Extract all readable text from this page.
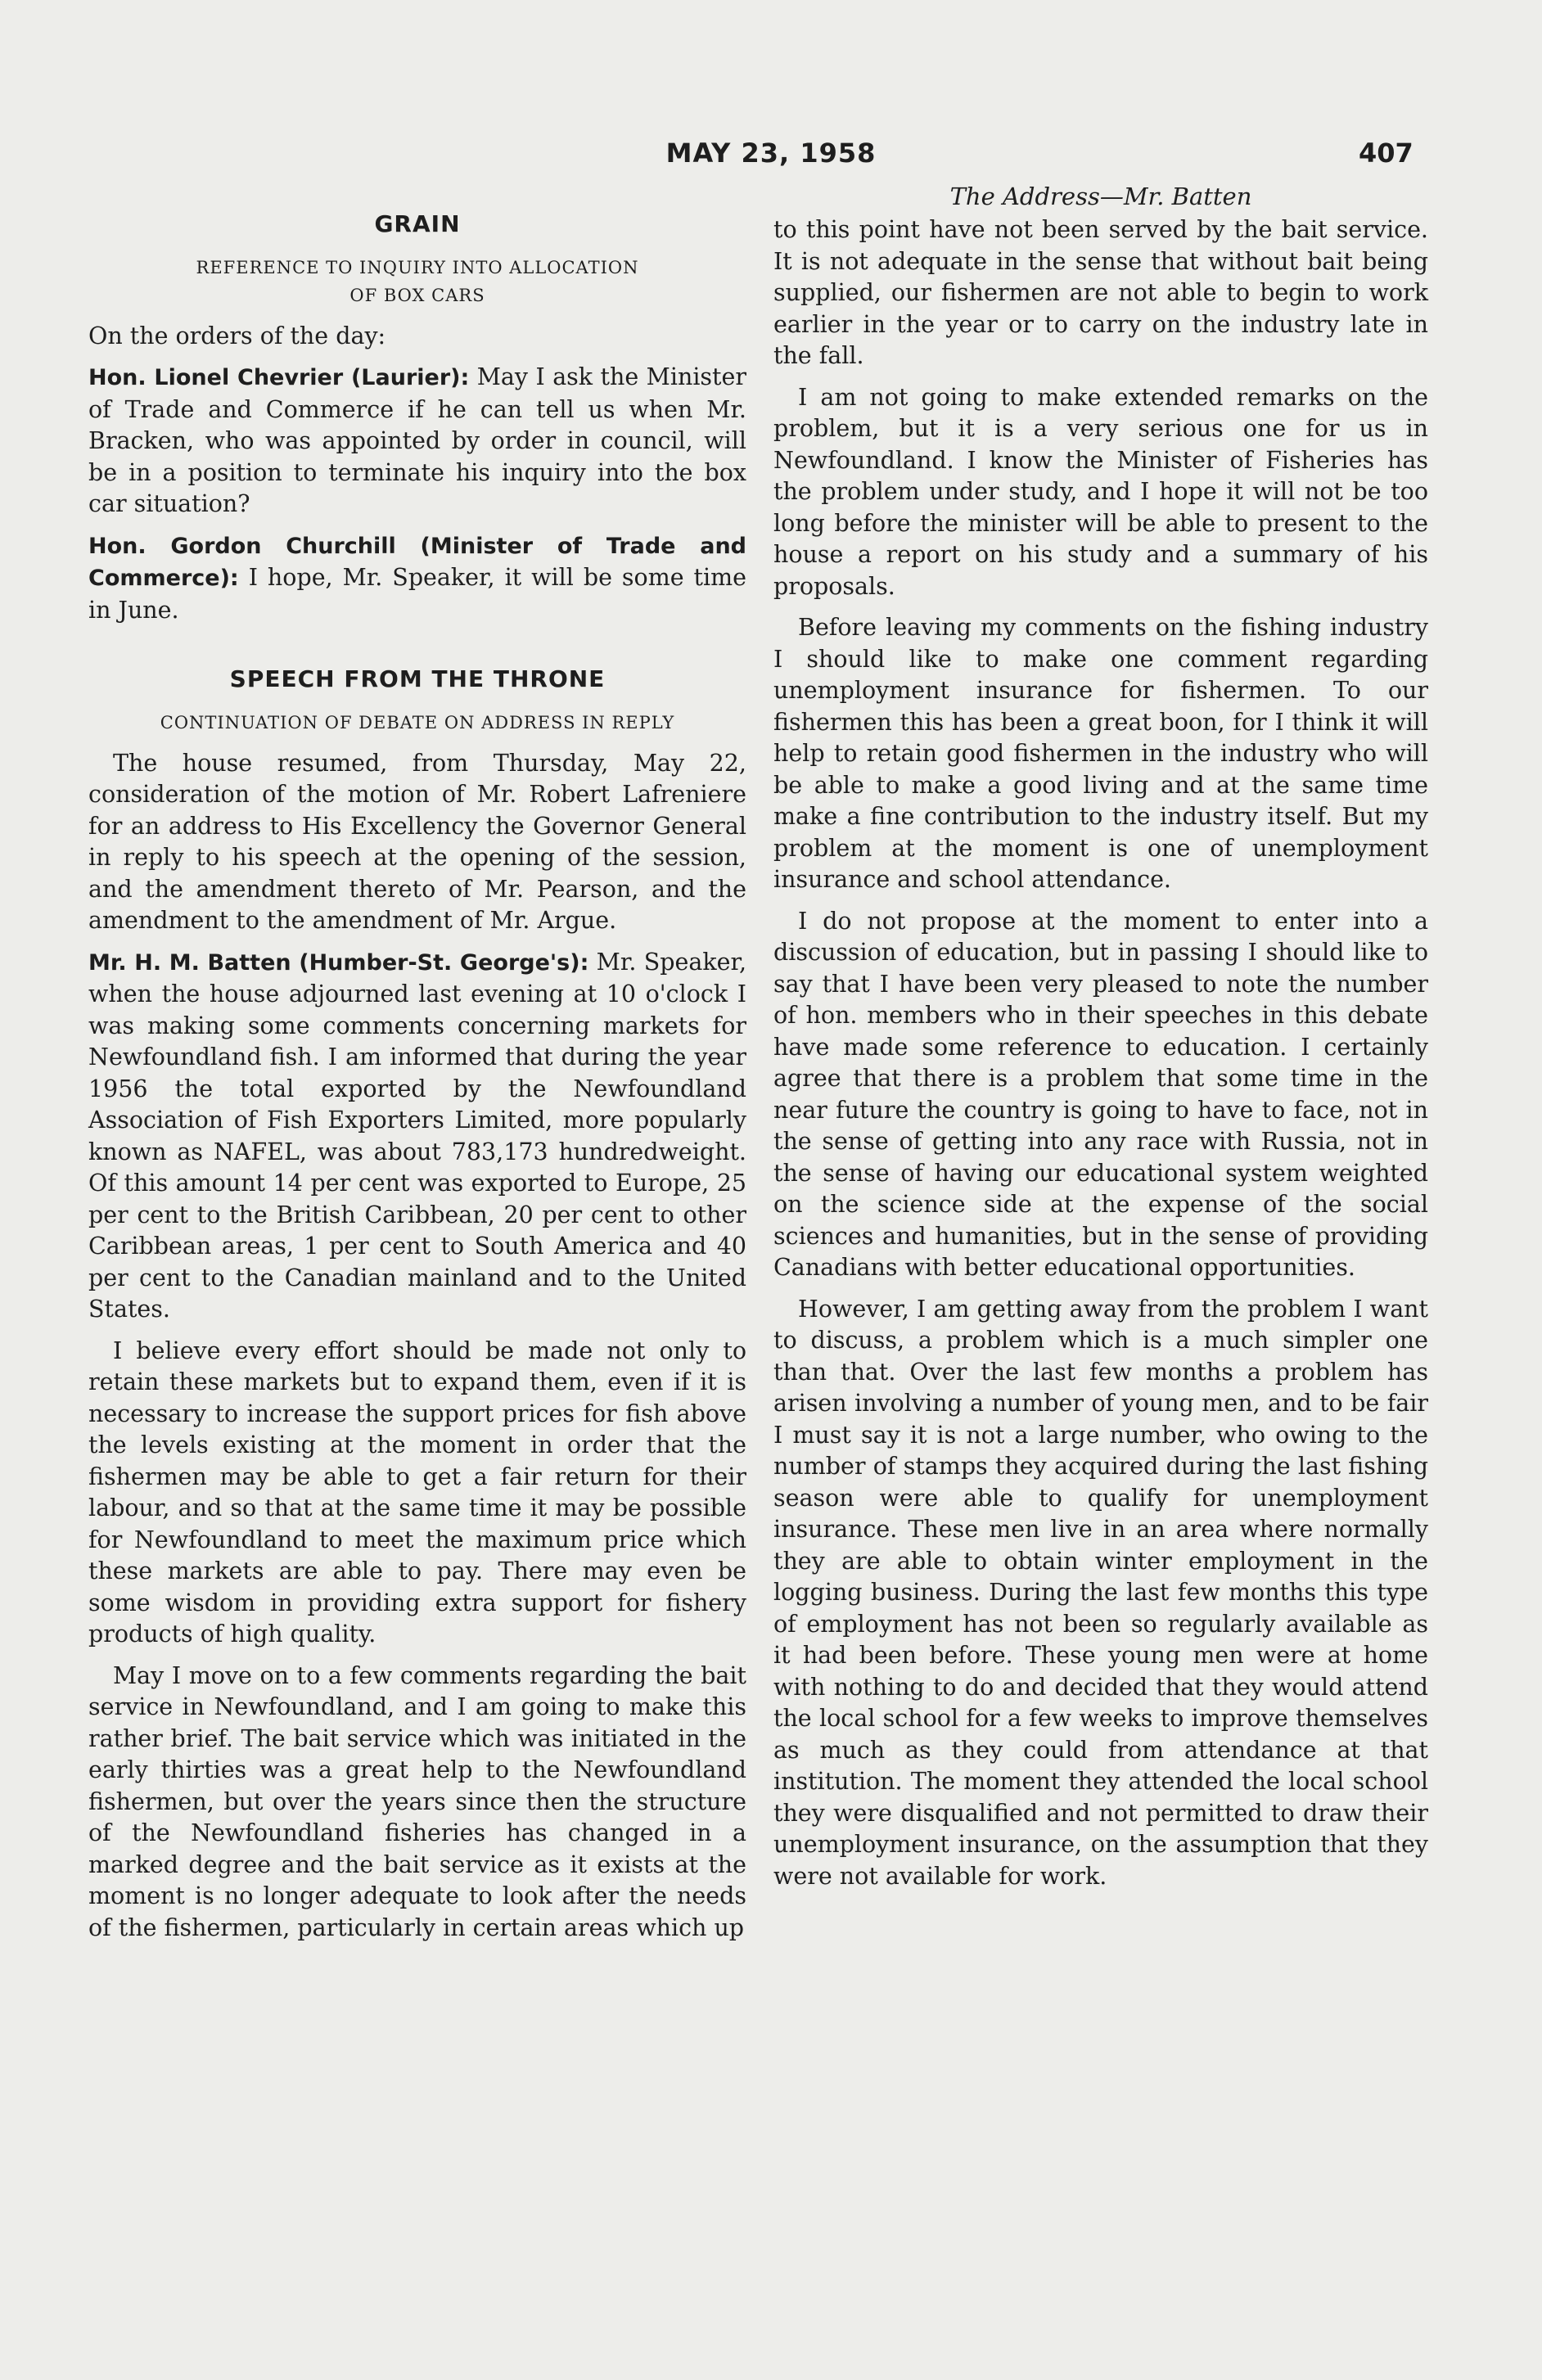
MAY 23, 1958	407
GRAIN
REFERENCE TO INQUIRY INTO ALLOCATION
OF BOX CARS

On the orders of the day:

Hon. Lionel Chevrier (Laurier): May I ask the Minister of Trade and Commerce if he can tell us when Mr. Bracken, who was appointed by order in council, will be in a position to terminate his inquiry into the box car situation?

Hon. Gordon Churchill (Minister of Trade and Commerce): I hope, Mr. Speaker, it will be some time in June.

SPEECH FROM THE THRONE
CONTINUATION OF DEBATE ON ADDRESS IN REPLY

The house resumed, from Thursday, May 22, consideration of the motion of Mr. Robert Lafreniere for an address to His Excellency the Governor General in reply to his speech at the opening of the session, and the amendment thereto of Mr. Pearson, and the amendment to the amendment of Mr. Argue.

Mr. H. M. Batten (Humber-St. George's): Mr. Speaker, when the house adjourned last evening at 10 o'clock I was making some comments concerning markets for Newfoundland fish. I am informed that during the year 1956 the total exported by the Newfoundland Association of Fish Exporters Limited, more popularly known as NAFEL, was about 783,173 hundredweight. Of this amount 14 per cent was exported to Europe, 25 per cent to the British Caribbean, 20 per cent to other Caribbean areas, 1 per cent to South America and 40 per cent to the Canadian mainland and to the United States.

I believe every effort should be made not only to retain these markets but to expand them, even if it is necessary to increase the support prices for fish above the levels existing at the moment in order that the fishermen may be able to get a fair return for their labour, and so that at the same time it may be possible for Newfoundland to meet the maximum price which these markets are able to pay. There may even be some wisdom in providing extra support for fishery products of high quality.

May I move on to a few comments regarding the bait service in Newfoundland, and I am going to make this rather brief. The bait service which was initiated in the early thirties was a great help to the Newfoundland fishermen, but over the years since then the structure of the Newfoundland fisheries has changed in a marked degree and the bait service as it exists at the moment is no longer adequate to look after the needs of the fishermen, particularly in certain areas which up

The Address—Mr. Batten

to this point have not been served by the bait service. It is not adequate in the sense that without bait being supplied, our fishermen are not able to begin to work earlier in the year or to carry on the industry late in the fall.

I am not going to make extended remarks on the problem, but it is a very serious one for us in Newfoundland. I know the Minister of Fisheries has the problem under study, and I hope it will not be too long before the minister will be able to present to the house a report on his study and a summary of his proposals.

Before leaving my comments on the fishing industry I should like to make one comment regarding unemployment insurance for fishermen. To our fishermen this has been a great boon, for I think it will help to retain good fishermen in the industry who will be able to make a good living and at the same time make a fine contribution to the industry itself. But my problem at the moment is one of unemployment insurance and school attendance.

I do not propose at the moment to enter into a discussion of education, but in passing I should like to say that I have been very pleased to note the number of hon. members who in their speeches in this debate have made some reference to education. I certainly agree that there is a problem that some time in the near future the country is going to have to face, not in the sense of getting into any race with Russia, not in the sense of having our educational system weighted on the science side at the expense of the social sciences and humanities, but in the sense of providing Canadians with better educational opportunities.

However, I am getting away from the problem I want to discuss, a problem which is a much simpler one than that. Over the last few months a problem has arisen involving a number of young men, and to be fair I must say it is not a large number, who owing to the number of stamps they acquired during the last fishing season were able to qualify for unemployment insurance. These men live in an area where normally they are able to obtain winter employment in the logging business. During the last few months this type of employment has not been so regularly available as it had been before. These young men were at home with nothing to do and decided that they would attend the local school for a few weeks to improve themselves as much as they could from attendance at that institution. The moment they attended the local school they were disqualified and not permitted to draw their unemployment insurance, on the assumption that they were not available for work.
